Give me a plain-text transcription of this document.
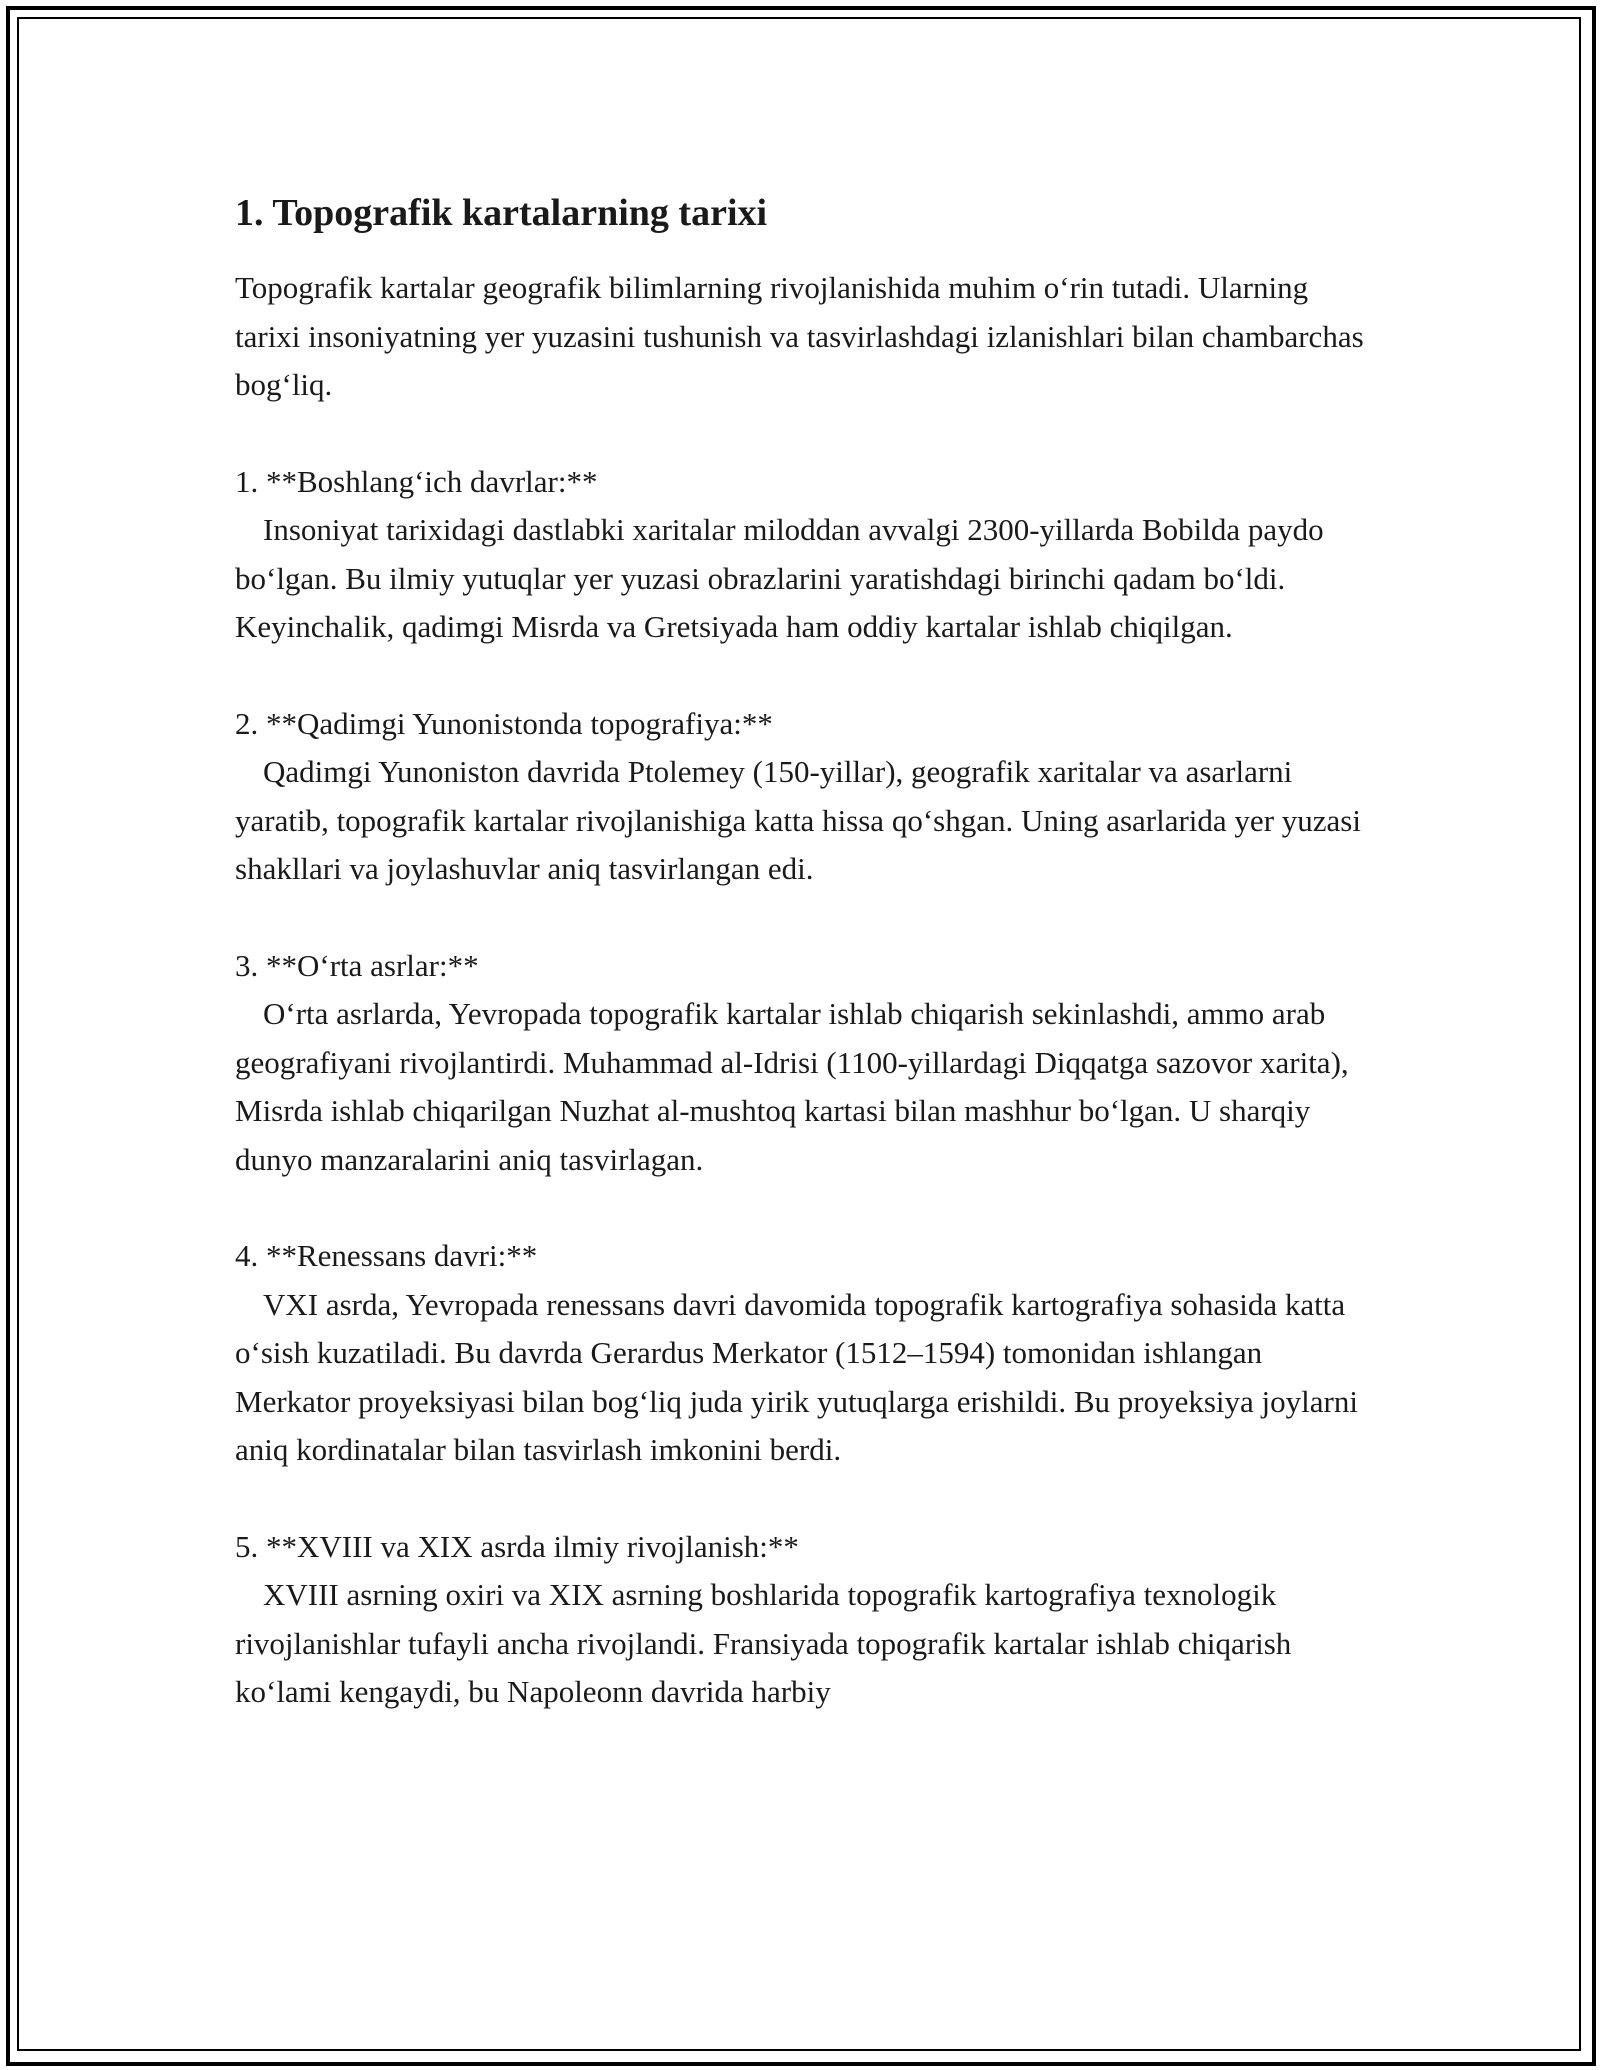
1. Topografik kartalarning tarixi

Topografik kartalar geografik bilimlarning rivojlanishida muhim o‘rin tutadi. Ularning tarixi insoniyatning yer yuzasini tushunish va tasvirlashdagi izlanishlari bilan chambarchas bog‘liq.

1. **Boshlang‘ich davrlar:**

Insoniyat tarixidagi dastlabki xaritalar miloddan avvalgi 2300-yillarda Bobilda paydo bo‘lgan. Bu ilmiy yutuqlar yer yuzasi obrazlarini yaratishdagi birinchi qadam bo‘ldi. Keyinchalik, qadimgi Misrda va Gretsiyada ham oddiy kartalar ishlab chiqilgan.

2. **Qadimgi Yunonistonda topografiya:**

Qadimgi Yunoniston davrida Ptolemey (150-yillar), geografik xaritalar va asarlarni yaratib, topografik kartalar rivojlanishiga katta hissa qo‘shgan. Uning asarlarida yer yuzasi shakllari va joylashuvlar aniq tasvirlangan edi.

3. **O‘rta asrlar:**

O‘rta asrlarda, Yevropada topografik kartalar ishlab chiqarish sekinlashdi, ammo arab geografiyani rivojlantirdi. Muhammad al-Idrisi (1100-yillardagi Diqqatga sazovor xarita), Misrda ishlab chiqarilgan Nuzhat al-mushtoq kartasi bilan mashhur bo‘lgan. U sharqiy dunyo manzaralarini aniq tasvirlagan.

4. **Renessans davri:**

VXI asrda, Yevropada renessans davri davomida topografik kartografiya sohasida katta o‘sish kuzatiladi. Bu davrda Gerardus Merkator (1512–1594) tomonidan ishlangan Merkator proyeksiyasi bilan bog‘liq juda yirik yutuqlarga erishildi. Bu proyeksiya joylarni aniq kordinatalar bilan tasvirlash imkonini berdi.

5. **XVIII va XIX asrda ilmiy rivojlanish:**

XVIII asrning oxiri va XIX asrning boshlarida topografik kartografiya texnologik rivojlanishlar tufayli ancha rivojlandi. Fransiyada topografik kartalar ishlab chiqarish ko‘lami kengaydi, bu Napoleonn davrida harbiy
